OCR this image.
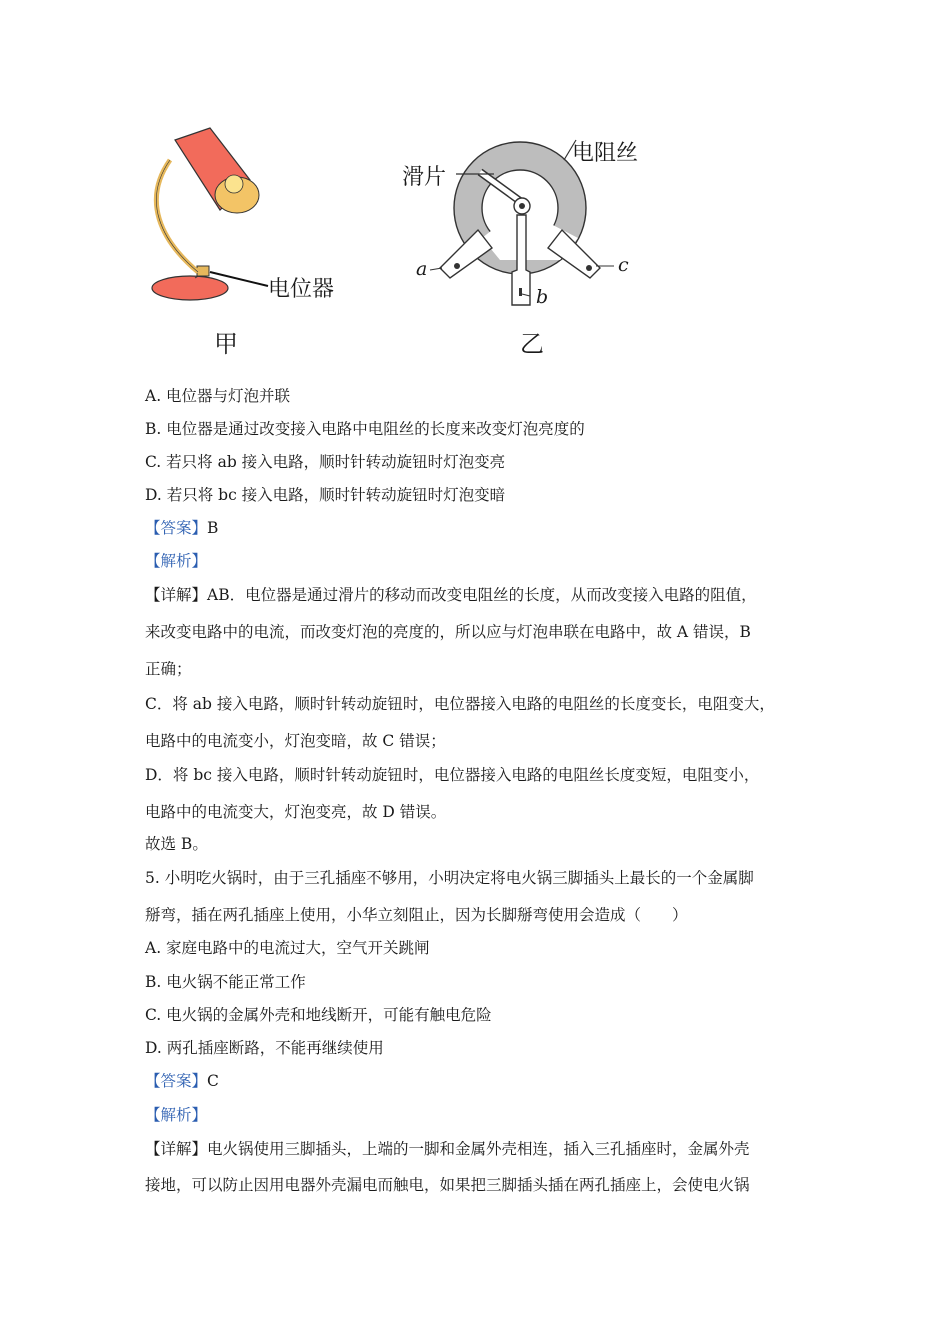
电位器
甲	乙
滑片
电阻丝
a
b
c
A. 电位器与灯泡并联
B. 电位器是通过改变接入电路中电阻丝的长度来改变灯泡亮度的
C. 若只将 ab 接入电路，顺时针转动旋钮时灯泡变亮
D. 若只将 bc 接入电路，顺时针转动旋钮时灯泡变暗
【答案】B
【解析】
【详解】AB．电位器是通过滑片的移动而改变电阻丝的长度，从而改变接入电路的阻值，
来改变电路中的电流，而改变灯泡的亮度的，所以应与灯泡串联在电路中，故 A 错误，B
正确；
C．将 ab 接入电路，顺时针转动旋钮时，电位器接入电路的电阻丝的长度变长，电阻变大，
电路中的电流变小，灯泡变暗，故 C 错误；
D．将 bc 接入电路，顺时针转动旋钮时，电位器接入电路的电阻丝长度变短，电阻变小，
电路中的电流变大，灯泡变亮，故 D 错误。
故选 B。
5. 小明吃火锅时，由于三孔插座不够用，小明决定将电火锅三脚插头上最长的一个金属脚
掰弯，插在两孔插座上使用，小华立刻阻止，因为长脚掰弯使用会造成（　　）
A. 家庭电路中的电流过大，空气开关跳闸
B. 电火锅不能正常工作
C. 电火锅的金属外壳和地线断开，可能有触电危险
D. 两孔插座断路，不能再继续使用
【答案】C
【解析】
【详解】电火锅使用三脚插头，上端的一脚和金属外壳相连，插入三孔插座时，金属外壳
接地，可以防止因用电器外壳漏电而触电，如果把三脚插头插在两孔插座上，会使电火锅
